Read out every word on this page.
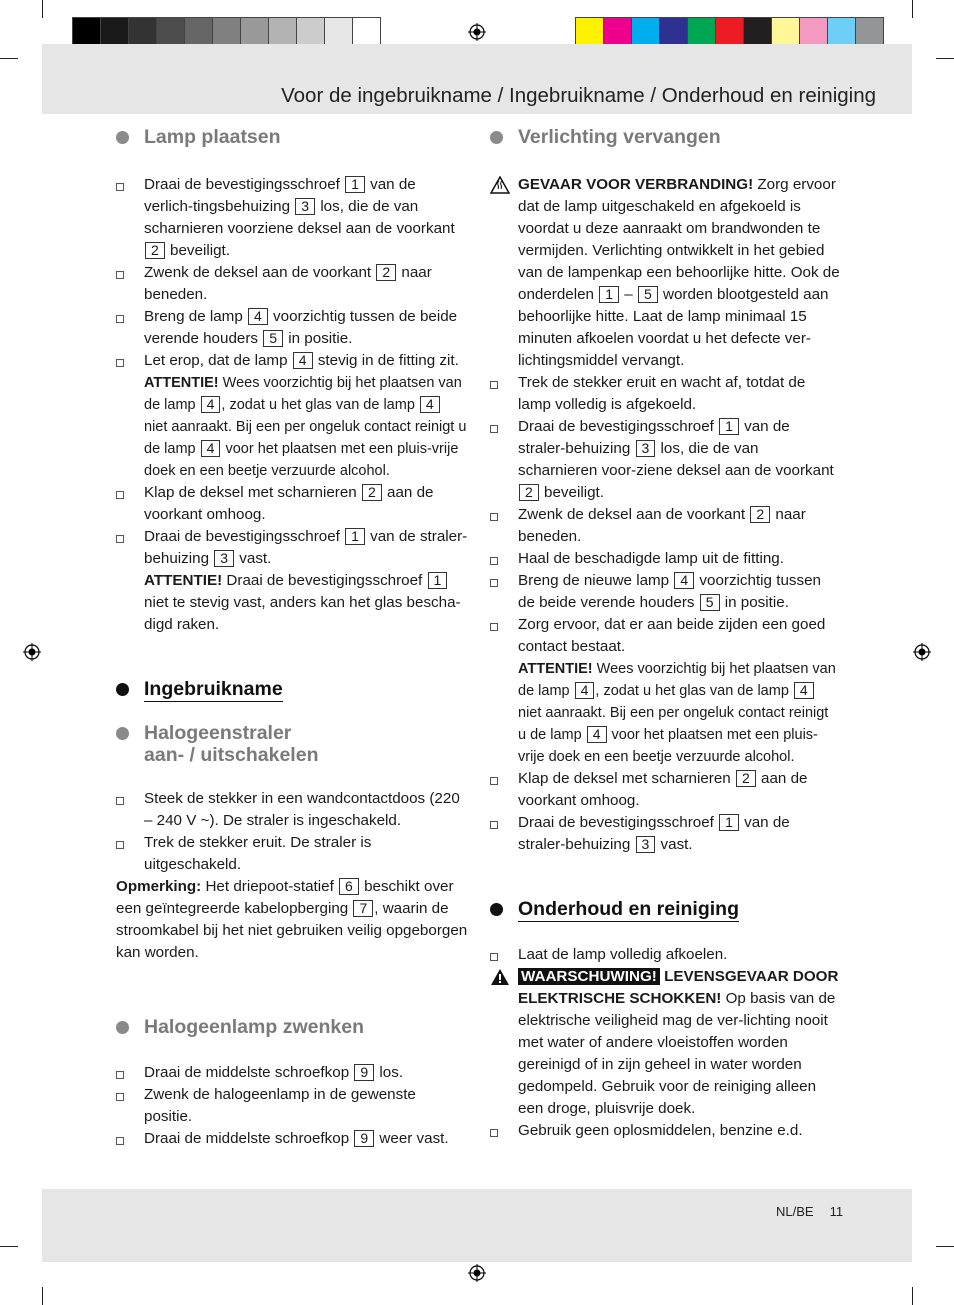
Voor de ingebruikname / Ingebruikname / Onderhoud en reiniging
Lamp plaatsen
Draai de bevestigingsschroef 1 van de verlich-tingsbehuizing 3 los, die de van scharnieren voorziene deksel aan de voorkant 2 beveiligt.
Zwenk de deksel aan de voorkant 2 naar beneden.
Breng de lamp 4 voorzichtig tussen de beide verende houders 5 in positie.
Let erop, dat de lamp 4 stevig in de fitting zit.
ATTENTIE! Wees voorzichtig bij het plaatsen van de lamp 4 , zodat u het glas van de lamp 4 niet aanraakt. Bij een per ongeluk contact reinigt u de lamp 4 voor het plaatsen met een pluis-vrije doek en een beetje verzuurde alcohol.
Klap de deksel met scharnieren 2 aan de voorkant omhoog.
Draai de bevestigingsschroef 1 van de straler-behuizing 3 vast.
ATTENTIE! Draai de bevestigingsschroef 1 niet te stevig vast, anders kan het glas bescha-digd raken.
Ingebruikname
Halogeenstraler
aan- / uitschakelen
Steek de stekker in een wandcontactdoos (220 – 240 V ~). De straler is ingeschakeld.
Trek de stekker eruit. De straler is uitgeschakeld.
Opmerking: Het driepoot-statief 6 beschikt over een geïntegreerde kabelopberging 7 , waarin de stroomkabel bij het niet gebruiken veilig opgeborgen kan worden.
Halogeenlamp zwenken
Draai de middelste schroefkop 9 los.
Zwenk de halogeenlamp in de gewenste positie.
Draai de middelste schroefkop 9 weer vast.
Verlichting vervangen
GEVAAR VOOR VERBRANDING! Zorg ervoor dat de lamp uitgeschakeld en afgekoeld is voordat u deze aanraakt om brandwonden te vermijden. Verlichting ontwikkelt in het gebied van de lampenkap een behoorlijke hitte. Ook de onderdelen 1 – 5 worden blootgesteld aan behoorlijke hitte. Laat de lamp minimaal 15 minuten afkoelen voordat u het defecte ver-lichtingsmiddel vervangt.
Trek de stekker eruit en wacht af, totdat de lamp volledig is afgekoeld.
Draai de bevestigingsschroef 1 van de straler-behuizing 3 los, die de van scharnieren voor-ziene deksel aan de voorkant 2 beveiligt.
Zwenk de deksel aan de voorkant 2 naar beneden.
Haal de beschadigde lamp uit de fitting.
Breng de nieuwe lamp 4 voorzichtig tussen de beide verende houders 5 in positie.
Zorg ervoor, dat er aan beide zijden een goed contact bestaat.
ATTENTIE! Wees voorzichtig bij het plaatsen van de lamp 4 , zodat u het glas van de lamp 4 niet aanraakt. Bij een per ongeluk contact reinigt u de lamp 4 voor het plaatsen met een pluis-vrije doek en een beetje verzuurde alcohol.
Klap de deksel met scharnieren 2 aan de voorkant omhoog.
Draai de bevestigingsschroef 1 van de straler-behuizing 3 vast.
Onderhoud en reiniging
Laat de lamp volledig afkoelen.
WAARSCHUWING! LEVENSGEVAAR DOOR ELEKTRISCHE SCHOKKEN! Op basis van de elektrische veiligheid mag de ver-lichting nooit met water of andere vloeistoffen worden gereinigd of in zijn geheel in water worden gedompeld. Gebruik voor de reiniging alleen een droge, pluisvrije doek.
Gebruik geen oplosmiddelen, benzine e.d.
NL/BE 11
